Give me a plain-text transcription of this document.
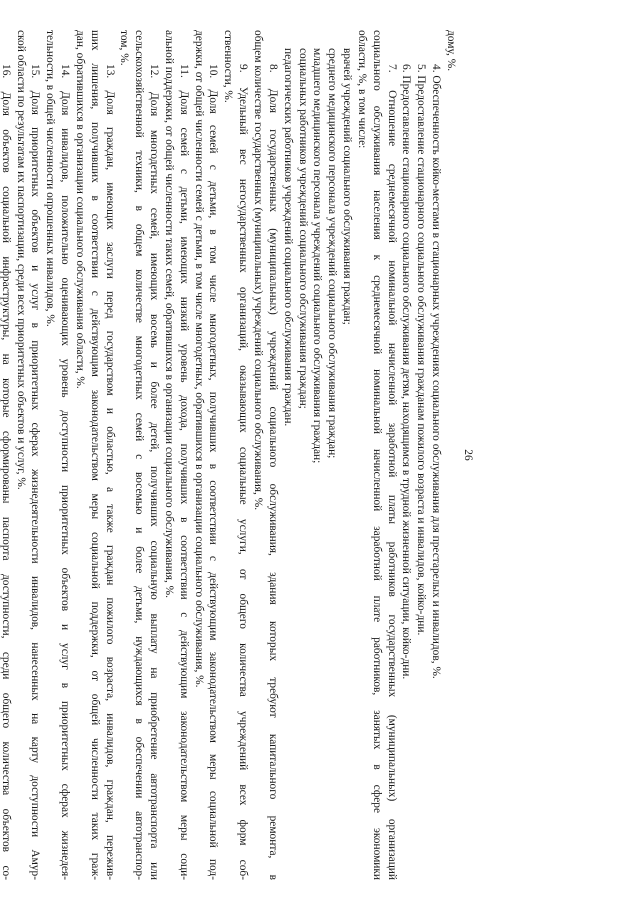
26
дому, %.
4. Обеспеченность койко-местами в стационарных учреждениях социального обслуживания для престарелых и инвалидов, %.
5. Предоставление стационарного социального обслуживания гражданам пожилого возраста и инвалидов, койко-дни.
6. Предоставление стационарного социального обслуживания детям, находящимся в трудной жизненной ситуации, койко-дни.
7. Отношение среднемесячной номинальной начисленной заработной платы работников государственных (муниципальных) организаций
социального обслуживания населения к среднемесячной номинальной начисленной заработной плате работников, занятых в сфере экономики
области, %, в том числе:
врачей учреждений социального обслуживания граждан;
среднего медицинского персонала учреждений социального обслуживания граждан;
младшего медицинского персонала учреждений социального обслуживания граждан;
социальных работников учреждений социального обслуживания граждан;
педагогических работников учреждений социального обслуживания граждан.
8. Доля государственных (муниципальных) учреждений социального обслуживания, здания которых требуют капитального ремонта, в
общем количестве государственных (муниципальных) учреждений социального обслуживания, %.
9. Удельный вес негосударственных организаций, оказывающих социальные услуги, от общего количества учреждений всех форм соб-
ственности, %.
10. Доля семей с детьми, в том числе многодетных, получивших в соответствии с действующим законодательством меры социальной под-
держки, от общей численности семей с детьми, в том числе многодетных, обратившихся в организации социального обслуживания, %.
11. Доля семей с детьми, имеющих низкий уровень дохода, получивших в соответствии с действующим законодательством меры соци-
альной поддержки, от общей численности таких семей, обратившихся в организации социального обслуживания, %.
12. Доля многодетных семей, имеющих восемь и более детей, получивших социальную выплату на приобретение автотранспорта или
сельскохозяйственной техники, в общем количестве многодетных семей с восемью и более детьми, нуждающихся в обеспечении автотранспор-
том, %.
13. Доля граждан, имеющих заслуги перед государством и областью, а также граждан пожилого возраста, инвалидов, граждан, пережив-
ших лишения, получивших в соответствии с действующим законодательством меры социальной поддержки, от общей численности таких граж-
дан, обратившихся в организации социального обслуживания области, %.
14. Доля инвалидов, положительно оценивающих уровень доступности приоритетных объектов и услуг в приоритетных сферах жизнедея-
тельности, в общей численности опрошенных инвалидов, %.
15. Доля приоритетных объектов и услуг в приоритетных сферах жизнедеятельности инвалидов, нанесенных на карту доступности Амур-
ской области по результатам их паспортизации, среди всех приоритетных объектов и услуг, %.
16. Доля объектов социальной инфраструктуры, на которые сформированы паспорта доступности, среди общего количества объектов со-
